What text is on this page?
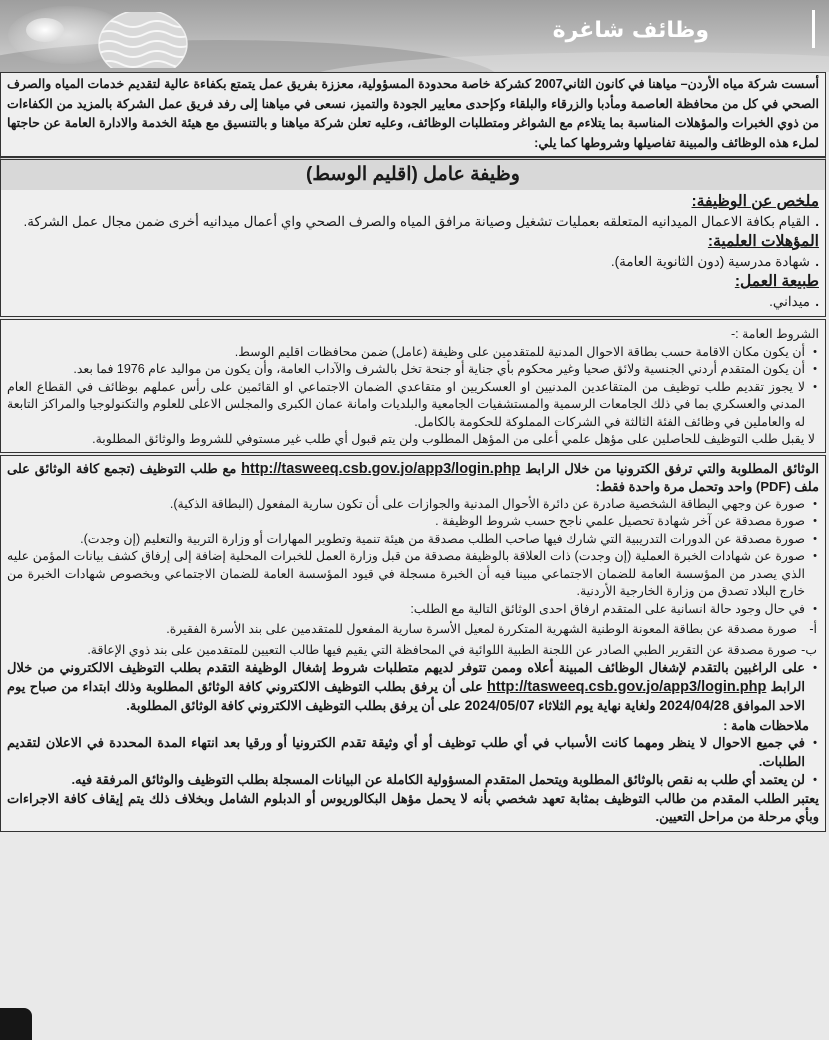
وظائف شاغرة

أسست شركة مياه الأردن– مياهنا في كانون الثاني2007 كشركة خاصة محدودة المسؤولية، معززة بفريق عمل يتمتع بكفاءة عالية لتقديم خدمات المياه والصرف الصحي في كل من محافظة العاصمة ومأدبا والزرقاء والبلقاء وكإحدى معايير الجودة والتميز، نسعى في مياهنا إلى رفد فريق عمل الشركة بالمزيد من الكفاءات من ذوي الخبرات والمؤهلات المناسبة بما يتلاءم مع الشواغر ومتطلبات الوظائف، وعليه تعلن شركة مياهنا و بالتنسيق مع هيئة الخدمة والادارة العامة عن حاجتها لملء هذه الوظائف والمبينة تفاصيلها وشروطها كما يلي:

وظيفة عامل (اقليم الوسط)

ملخص عن الوظيفة:

.القيام بكافة الاعمال الميدانيه المتعلقه بعمليات تشغيل وصيانة مرافق المياه والصرف الصحي واي أعمال ميدانيه أخرى ضمن مجال عمل الشركة.

المؤهلات العلمية:

.شهادة مدرسية (دون الثانوية العامة).

طبيعة العمل:

.ميداني.

الشروط العامة :-

• أن يكون مكان الاقامة حسب بطاقة الاحوال المدنية للمتقدمين على وظيفة (عامل) ضمن محافظات اقليم الوسط.

• أن يكون المتقدم أردني الجنسية ولائق صحيا وغير محكوم بأي جناية أو جنحة تخل بالشرف والآداب العامة، وأن يكون من مواليد عام 1976 فما بعد.

• لا يجوز تقديم طلب توظيف من المتقاعدين المدنيين او العسكريين او متقاعدي الضمان الاجتماعي او القائمين على رأس عملهم بوظائف في القطاع العام المدني والعسكري بما في ذلك الجامعات الرسمية والمستشفيات الجامعية والبلديات وامانة عمان الكبرى والمجلس الاعلى للعلوم والتكنولوجيا والمراكز التابعة له والعاملين في وظائف الفئة الثالثة في الشركات المملوكة للحكومة بالكامل.

لا يقبل طلب التوظيف للحاصلين على مؤهل علمي أعلى من المؤهل المطلوب ولن يتم قبول أي طلب غير مستوفي للشروط والوثائق المطلوبة.

الوثائق المطلوبة والتي ترفق الكترونيا من خلال الرابط http://tasweeq.csb.gov.jo/app3/login.php مع طلب التوظيف (تجمع كافة الوثائق على ملف (PDF) واحد وتحمل مرة واحدة فقط:

• صورة عن وجهي البطاقة الشخصية صادرة عن دائرة الأحوال المدنية والجوازات على أن تكون سارية المفعول (البطاقة الذكية).

• صورة مصدقة عن آخر شهادة تحصيل علمي ناجح حسب شروط الوظيفة .

• صورة مصدقة عن الدورات التدريبية التي شارك فيها صاحب الطلب مصدقة من هيئة تنمية وتطوير المهارات أو وزارة التربية والتعليم (إن وجدت).

• صورة عن شهادات الخبرة العملية (إن وجدت) ذات العلاقة بالوظيفة مصدقة من قبل وزارة العمل للخبرات المحلية إضافة إلى إرفاق كشف بيانات المؤمن عليه الذي يصدر من المؤسسة العامة للضمان الاجتماعي مبينا فيه أن الخبرة مسجلة في قيود المؤسسة العامة للضمان الاجتماعي وبخصوص شهادات الخبرة من خارج البلاد تصدق من وزارة الخارجية الأردنية.

• في حال وجود حالة انسانية على المتقدم ارفاق احدى الوثائق التالية مع الطلب:

أ-
صورة مصدقة عن بطاقة المعونة الوطنية الشهرية المتكررة لمعيل الأسرة سارية المفعول للمتقدمين على بند الأسرة الفقيرة.

ب-
صورة مصدقة عن التقرير الطبي الصادر عن اللجنة الطبية اللوائية في المحافظة التي يقيم فيها طالب التعيين للمتقدمين على بند ذوي الإعاقة.

• على الراغبين بالتقدم لإشغال الوظائف المبينة أعلاه وممن تتوفر لديهم متطلبات شروط إشغال الوظيفة التقدم بطلب التوظيف الالكتروني من خلال الرابط http://tasweeq.csb.gov.jo/app3/login.php على أن يرفق بطلب التوظيف الالكتروني كافة الوثائق المطلوبة وذلك ابتداء من صباح يوم الاحد الموافق 2024/04/28 ولغاية نهاية يوم الثلاثاء 2024/05/07 على أن يرفق بطلب التوظيف الالكتروني كافة الوثائق المطلوبة.

ملاحظات هامة :

• في جميع الاحوال لا ينظر ومهما كانت الأسباب في أي طلب توظيف أو أي وثيقة تقدم الكترونيا أو ورقيا بعد انتهاء المدة المحددة في الاعلان لتقديم الطلبات.

• لن يعتمد أي طلب به نقص بالوثائق المطلوبة ويتحمل المتقدم المسؤولية الكاملة عن البيانات المسجلة بطلب التوظيف والوثائق المرفقة فيه.

يعتبر الطلب المقدم من طالب التوظيف بمثابة تعهد شخصي بأنه لا يحمل مؤهل البكالوريوس أو الدبلوم الشامل وبخلاف ذلك يتم إيقاف كافة الاجراءات وبأي مرحلة من مراحل التعيين.
